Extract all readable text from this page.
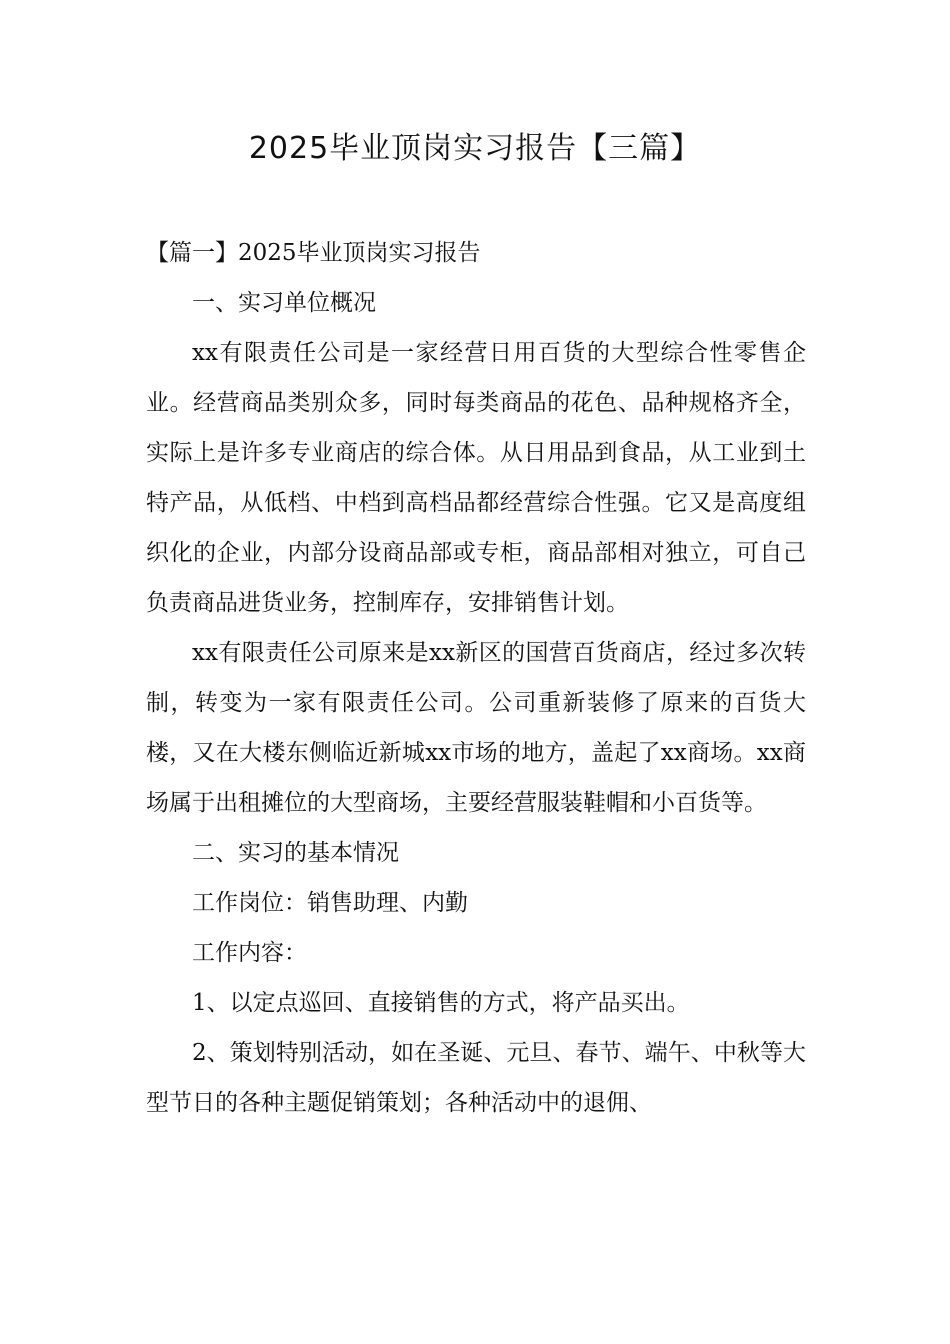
2025毕业顶岗实习报告【三篇】

【篇一】2025毕业顶岗实习报告

一、实习单位概况

xx有限责任公司是一家经营日用百货的大型综合性零售企业。经营商品类别众多，同时每类商品的花色、品种规格齐全，实际上是许多专业商店的综合体。从日用品到食品，从工业到土特产品，从低档、中档到高档品都经营综合性强。它又是高度组织化的企业，内部分设商品部或专柜，商品部相对独立，可自己负责商品进货业务，控制库存，安排销售计划。

xx有限责任公司原来是xx新区的国营百货商店，经过多次转制，转变为一家有限责任公司。公司重新装修了原来的百货大楼，又在大楼东侧临近新城xx市场的地方，盖起了xx商场。xx商场属于出租摊位的大型商场，主要经营服装鞋帽和小百货等。

二、实习的基本情况

工作岗位：销售助理、内勤

工作内容：

1、以定点巡回、直接销售的方式，将产品买出。

2、策划特别活动，如在圣诞、元旦、春节、端午、中秋等大型节日的各种主题促销策划；各种活动中的退佣、
